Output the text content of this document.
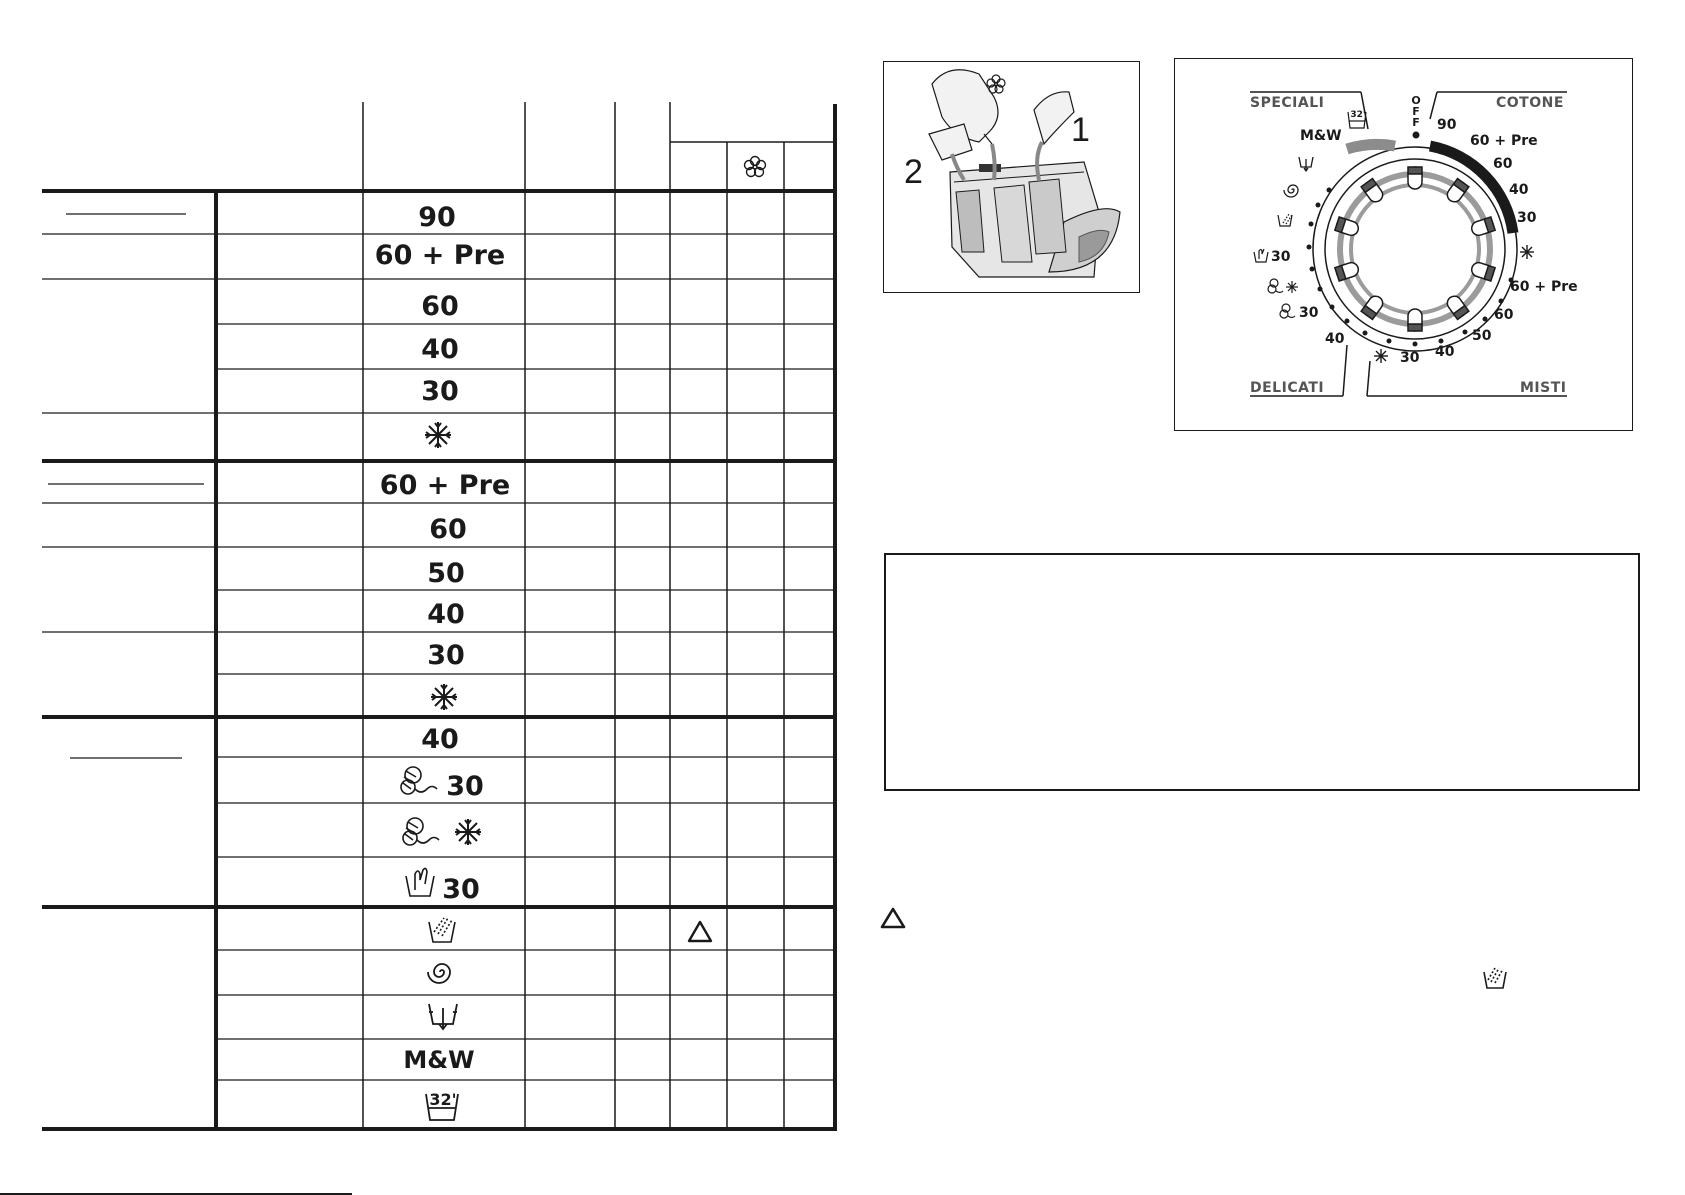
90
60 + Pre
60
40
30
60 + Pre
60
50
40
30
40
30
30
M&W
32'
1
2
SPECIALI	COTONE
DELICATI	MISTI
O
F
F 90
60 + Pre
60
40
30
60 + Pre
60
50
40
30
40
30
30
M&W
32'
